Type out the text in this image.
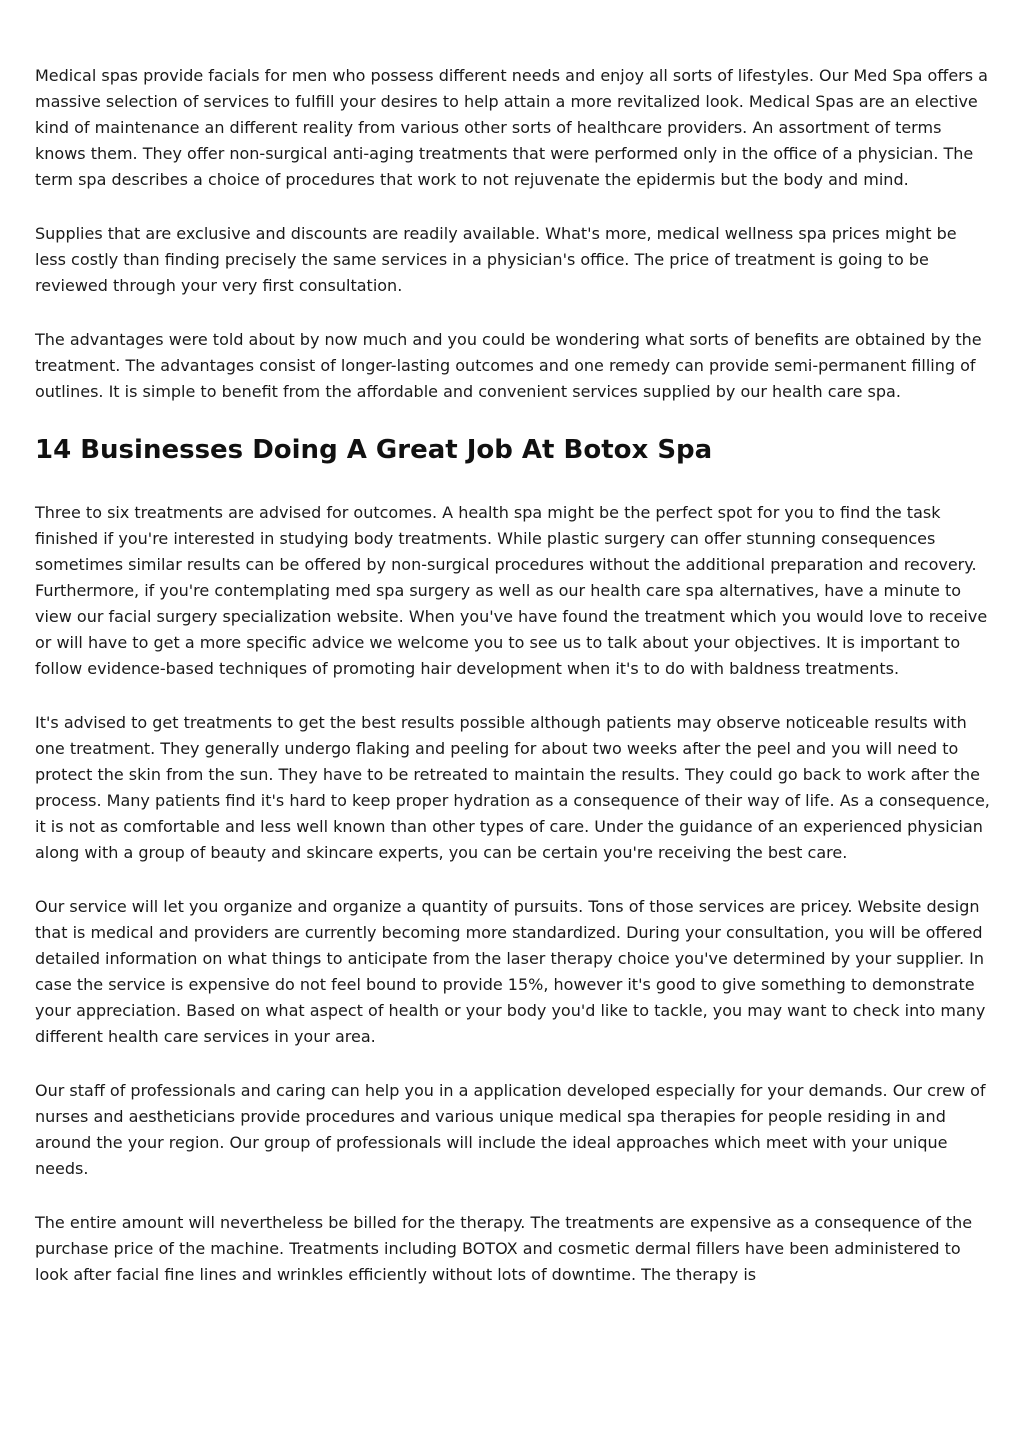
Medical spas provide facials for men who possess different needs and enjoy all sorts of lifestyles. Our Med Spa offers a massive selection of services to fulfill your desires to help attain a more revitalized look. Medical Spas are an elective kind of maintenance an different reality from various other sorts of healthcare providers. An assortment of terms knows them. They offer non-surgical anti-aging treatments that were performed only in the office of a physician. The term spa describes a choice of procedures that work to not rejuvenate the epidermis but the body and mind.

Supplies that are exclusive and discounts are readily available. What's more, medical wellness spa prices might be less costly than finding precisely the same services in a physician's office. The price of treatment is going to be reviewed through your very first consultation.

The advantages were told about by now much and you could be wondering what sorts of benefits are obtained by the treatment. The advantages consist of longer-lasting outcomes and one remedy can provide semi-permanent filling of outlines. It is simple to benefit from the affordable and convenient services supplied by our health care spa.

14 Businesses Doing A Great Job At Botox Spa

Three to six treatments are advised for outcomes. A health spa might be the perfect spot for you to find the task finished if you're interested in studying body treatments. While plastic surgery can offer stunning consequences sometimes similar results can be offered by non-surgical procedures without the additional preparation and recovery. Furthermore, if you're contemplating med spa surgery as well as our health care spa alternatives, have a minute to view our facial surgery specialization website. When you've have found the treatment which you would love to receive or will have to get a more specific advice we welcome you to see us to talk about your objectives. It is important to follow evidence-based techniques of promoting hair development when it's to do with baldness treatments.

It's advised to get treatments to get the best results possible although patients may observe noticeable results with one treatment. They generally undergo flaking and peeling for about two weeks after the peel and you will need to protect the skin from the sun. They have to be retreated to maintain the results. They could go back to work after the process. Many patients find it's hard to keep proper hydration as a consequence of their way of life. As a consequence, it is not as comfortable and less well known than other types of care. Under the guidance of an experienced physician along with a group of beauty and skincare experts, you can be certain you're receiving the best care.

Our service will let you organize and organize a quantity of pursuits. Tons of those services are pricey. Website design that is medical and providers are currently becoming more standardized. During your consultation, you will be offered detailed information on what things to anticipate from the laser therapy choice you've determined by your supplier. In case the service is expensive do not feel bound to provide 15%, however it's good to give something to demonstrate your appreciation. Based on what aspect of health or your body you'd like to tackle, you may want to check into many different health care services in your area.

Our staff of professionals and caring can help you in a application developed especially for your demands. Our crew of nurses and aestheticians provide procedures and various unique medical spa therapies for people residing in and around the your region. Our group of professionals will include the ideal approaches which meet with your unique needs.

The entire amount will nevertheless be billed for the therapy. The treatments are expensive as a consequence of the purchase price of the machine. Treatments including BOTOX and cosmetic dermal fillers have been administered to look after facial fine lines and wrinkles efficiently without lots of downtime. The therapy is
